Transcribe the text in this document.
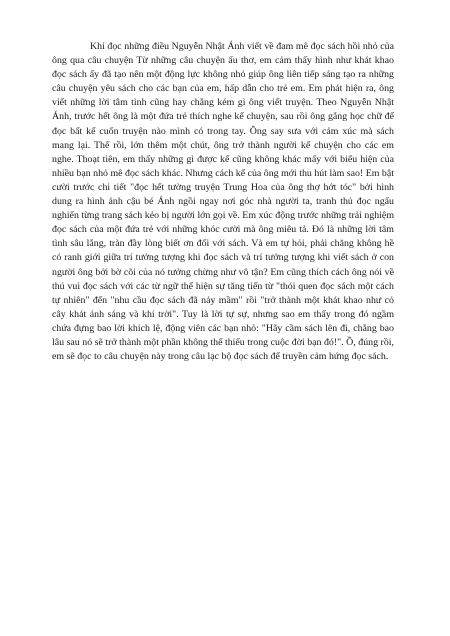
Khi đọc những điều Nguyễn Nhật Ánh viết về đam mê đọc sách hồi nhỏ của ông qua câu chuyện Từ những câu chuyện ấu thơ, em cảm thấy hình như khát khao đọc sách ấy đã tạo nên một động lực không nhỏ giúp ông liên tiếp sáng tạo ra những câu chuyện yêu sách cho các bạn của em, hấp dẫn cho trẻ em. Em phát hiện ra, ông viết những lời tâm tình cũng hay chẳng kém gì ông viết truyện. Theo Nguyễn Nhật Ánh, trước hết ông là một đứa trẻ thích nghe kể chuyện, sau rồi ông gắng học chữ để đọc bất kể cuốn truyện nào mình có trong tay. Ông say sưa với cảm xúc mà sách mang lại. Thế rồi, lớn thêm một chút, ông trở thành người kể chuyện cho các em nghe. Thoạt tiên, em thấy những gì được kể cũng không khác mấy với biểu hiện của nhiều bạn nhỏ mê đọc sách khác. Nhưng cách kể của ông mới thu hút làm sao! Em bật cười trước chi tiết "đọc hết tường truyện Trung Hoa của ông thợ hớt tóc" bởi hình dung ra hình ảnh cậu bé Ánh ngồi ngay nơi góc nhà người ta, tranh thủ đọc ngấu nghiến từng trang sách kẻo bị người lớn gọi về. Em xúc động trước những trải nghiệm đọc sách của một đứa trẻ với những khóc cười mà ông miêu tả. Đó là những lời tâm tình sâu lắng, tràn đầy lòng biết ơn đối với sách. Và em tự hỏi, phải chăng không hề có ranh giới giữa trí tưởng tượng khi đọc sách và trí tưởng tượng khi viết sách ở con người ông bởi bờ cõi của nó tưởng chừng như vô tận? Em cũng thích cách ông nói về thú vui đọc sách với các từ ngữ thể hiện sự tăng tiến từ "thói quen đọc sách một cách tự nhiên" đến "nhu cầu đọc sách đã nảy mầm" rồi "trở thành một khát khao như cỏ cây khát ánh sáng và khí trời". Tuy là lời tự sự, nhưng sao em thấy trong đó ngầm chứa đựng bao lời khích lệ, động viên các bạn nhỏ: "Hãy cầm sách lên đi, chẳng bao lâu sau nó sẽ trở thành một phần không thể thiếu trong cuộc đời bạn đó!". Ồ, đúng rồi, em sẽ đọc to câu chuyện này trong câu lạc bộ đọc sách để truyền cảm hứng đọc sách.
